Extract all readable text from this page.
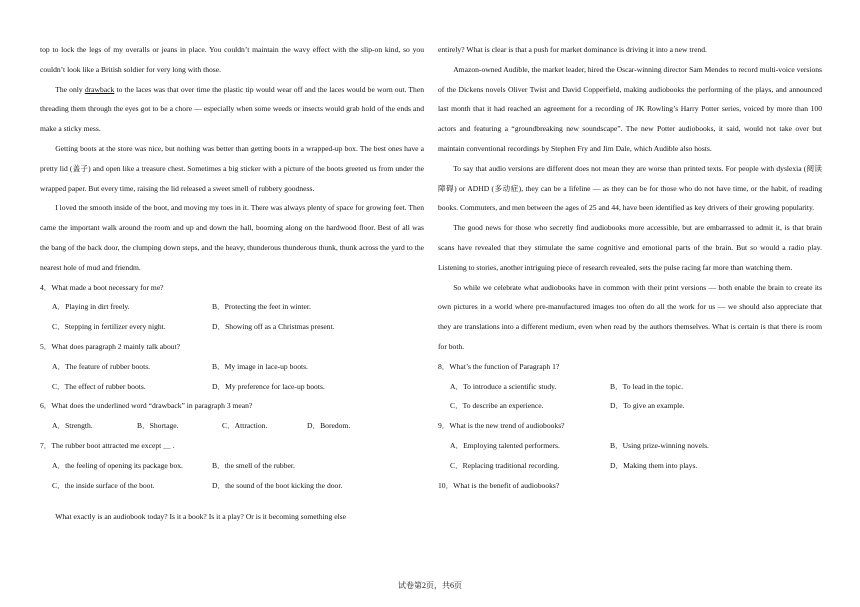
top to lock the legs of my overalls or jeans in place. You couldn’t maintain the wavy effect with the slip-on kind, so you couldn’t look like a British soldier for very long with those.

The only drawback to the laces was that over time the plastic tip would wear off and the laces would be worn out. Then threading them through the eyes got to be a chore — especially when some weeds or insects would grab hold of the ends and make a sticky mess.

Getting boots at the store was nice, but nothing was better than getting boots in a wrapped-up box. The best ones have a pretty lid (盖子) and open like a treasure chest. Sometimes a big sticker with a picture of the boots greeted us from under the wrapped paper. But every time, raising the lid released a sweet smell of rubbery goodness.

I loved the smooth inside of the boot, and moving my toes in it. There was always plenty of space for growing feet. Then came the important walk around the room and up and down the hall, booming along on the hardwood floor. Best of all was the bang of the back door, the clumping down steps, and the heavy, thunderous thunderous thunk, thunk across the yard to the nearest hole of mud and friendm.

4．What made a boot necessary for me?
A．Playing in dirt freely.	B．Protecting the feet in winter.
C．Stepping in fertilizer every night.	D．Showing off as a Christmas present.
5．What does paragraph 2 mainly talk about?
A．The feature of rubber boots.	B．My image in lace-up boots.
C．The effect of rubber boots.	D．My preference for lace-up boots.
6．What does the underlined word “drawback” in paragraph 3 mean?
A．Strength.	B．Shortage.	C．Attraction.	D．Boredom.
7．The rubber boot attracted me except ＿ .
A．the feeling of opening its package box.	B．the smell of the rubber.
C．the inside surface of the boot.	D．the sound of the boot kicking the door.

What exactly is an audiobook today? Is it a book? Is it a play? Or is it becoming something else

entirely? What is clear is that a push for market dominance is driving it into a new trend.

Amazon-owned Audible, the market leader, hired the Oscar-winning director Sam Mendes to record multi-voice versions of the Dickens novels Oliver Twist and David Copperfield, making audiobooks the performing of the plays, and announced last month that it had reached an agreement for a recording of JK Rowling’s Harry Potter series, voiced by more than 100 actors and featuring a “groundbreaking new soundscape”. The new Potter audiobooks, it said, would not take over but maintain conventional recordings by Stephen Fry and Jim Dale, which Audible also hosts.

To say that audio versions are different does not mean they are worse than printed texts. For people with dyslexia (阅读障碍) or ADHD (多动症), they can be a lifeline — as they can be for those who do not have time, or the habit, of reading books. Commuters, and men between the ages of 25 and 44, have been identified as key drivers of their growing popularity.

The good news for those who secretly find audiobooks more accessible, but are embarrassed to admit it, is that brain scans have revealed that they stimulate the same cognitive and emotional parts of the brain. But so would a radio play. Listening to stories, another intriguing piece of research revealed, sets the pulse racing far more than watching them.

So while we celebrate what audiobooks have in common with their print versions — both enable the brain to create its own pictures in a world where pre-manufactured images too often do all the work for us — we should also appreciate that they are translations into a different medium, even when read by the authors themselves. What is certain is that there is room for both.

8．What’s the function of Paragraph 1?
A．To introduce a scientific study.	B．To lead in the topic.
C．To describe an experience.	D．To give an example.
9．What is the new trend of audiobooks?
A．Employing talented performers.	B．Using prize-winning novels.
C．Replacing traditional recording.	D．Making them into plays.
10．What is the benefit of audiobooks?
试卷第2页，共6页
